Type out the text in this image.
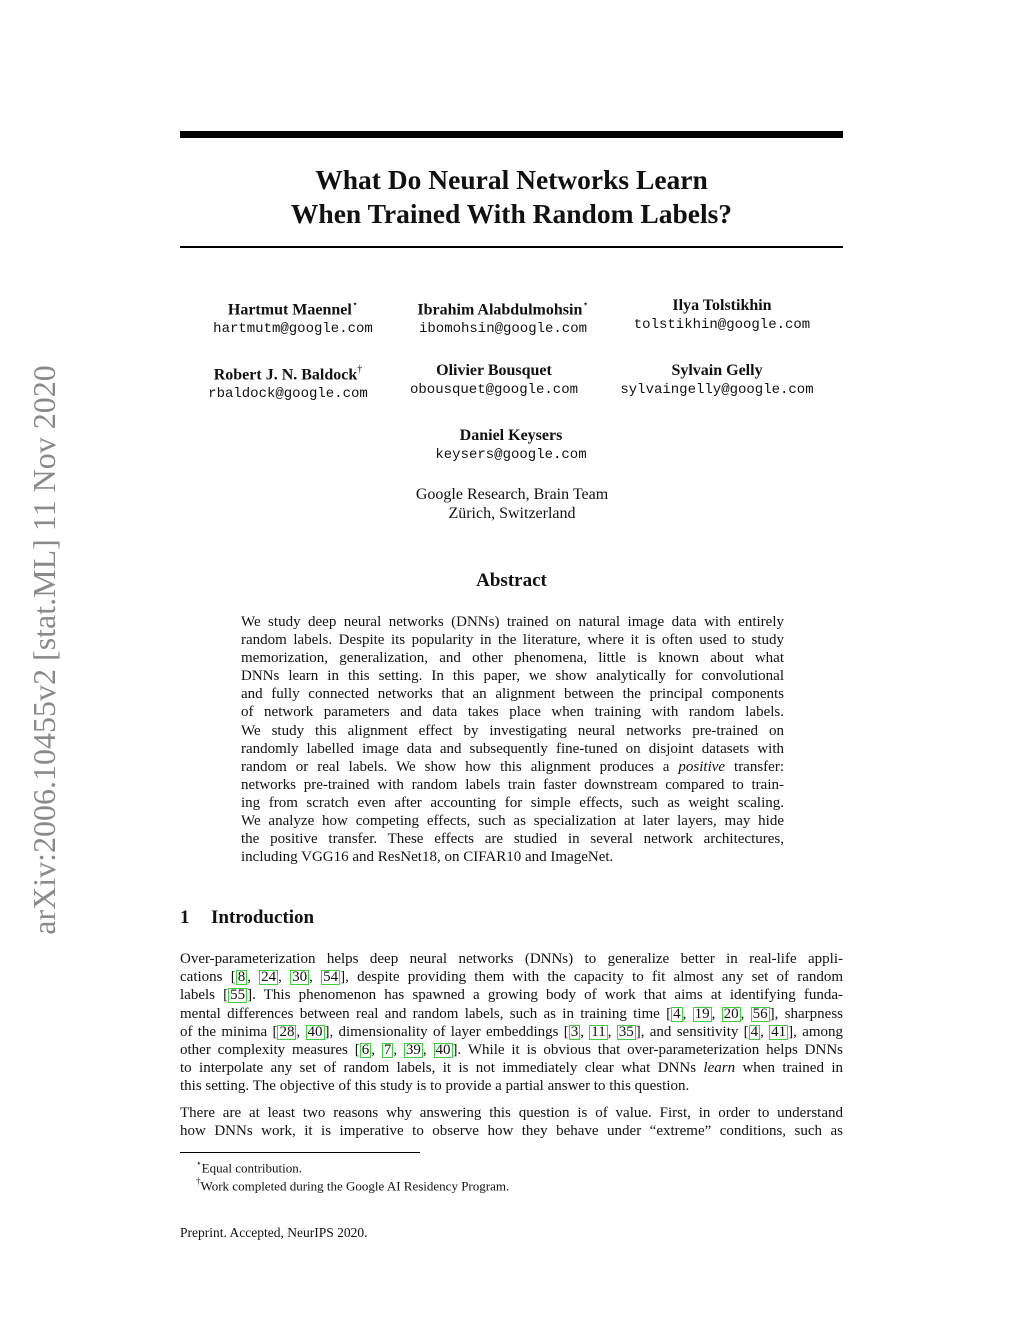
arXiv:2006.10455v2 [stat.ML] 11 Nov 2020
What Do Neural Networks Learn
When Trained With Random Labels?
Hartmut Maennel⋆
hartmutm@google.com
Ibrahim Alabdulmohsin⋆
ibomohsin@google.com
Ilya Tolstikhin
tolstikhin@google.com
Robert J. N. Baldock†
rbaldock@google.com
Olivier Bousquet
obousquet@google.com
Sylvain Gelly
sylvaingelly@google.com
Daniel Keysers
keysers@google.com
Google Research, Brain Team
Zürich, Switzerland
Abstract
We study deep neural networks (DNNs) trained on natural image data with entirely
random labels. Despite its popularity in the literature, where it is often used to study
memorization, generalization, and other phenomena, little is known about what
DNNs learn in this setting. In this paper, we show analytically for convolutional
and fully connected networks that an alignment between the principal components
of network parameters and data takes place when training with random labels.
We study this alignment effect by investigating neural networks pre-trained on
randomly labelled image data and subsequently fine-tuned on disjoint datasets with
random or real labels. We show how this alignment produces a positive transfer:
networks pre-trained with random labels train faster downstream compared to train-
ing from scratch even after accounting for simple effects, such as weight scaling.
We analyze how competing effects, such as specialization at later layers, may hide
the positive transfer. These effects are studied in several network architectures,
including VGG16 and ResNet18, on CIFAR10 and ImageNet.
1 Introduction
Over-parameterization helps deep neural networks (DNNs) to generalize better in real-life appli-
cations [ 8 , 24 , 30 , 54 ], despite providing them with the capacity to fit almost any set of random
labels [ 55 ]. This phenomenon has spawned a growing body of work that aims at identifying funda-
mental differences between real and random labels, such as in training time [ 4 , 19 , 20 , 56 ], sharpness
of the minima [ 28 , 40 ], dimensionality of layer embeddings [ 3 , 11 , 35 ], and sensitivity [ 4 , 41 ], among
other complexity measures [ 6 , 7 , 39 , 40 ]. While it is obvious that over-parameterization helps DNNs
to interpolate any set of random labels, it is not immediately clear what DNNs learn when trained in
this setting. The objective of this study is to provide a partial answer to this question.
There are at least two reasons why answering this question is of value. First, in order to understand
how DNNs work, it is imperative to observe how they behave under “extreme” conditions, such as
⋆Equal contribution.
†Work completed during the Google AI Residency Program.
Preprint. Accepted, NeurIPS 2020.
